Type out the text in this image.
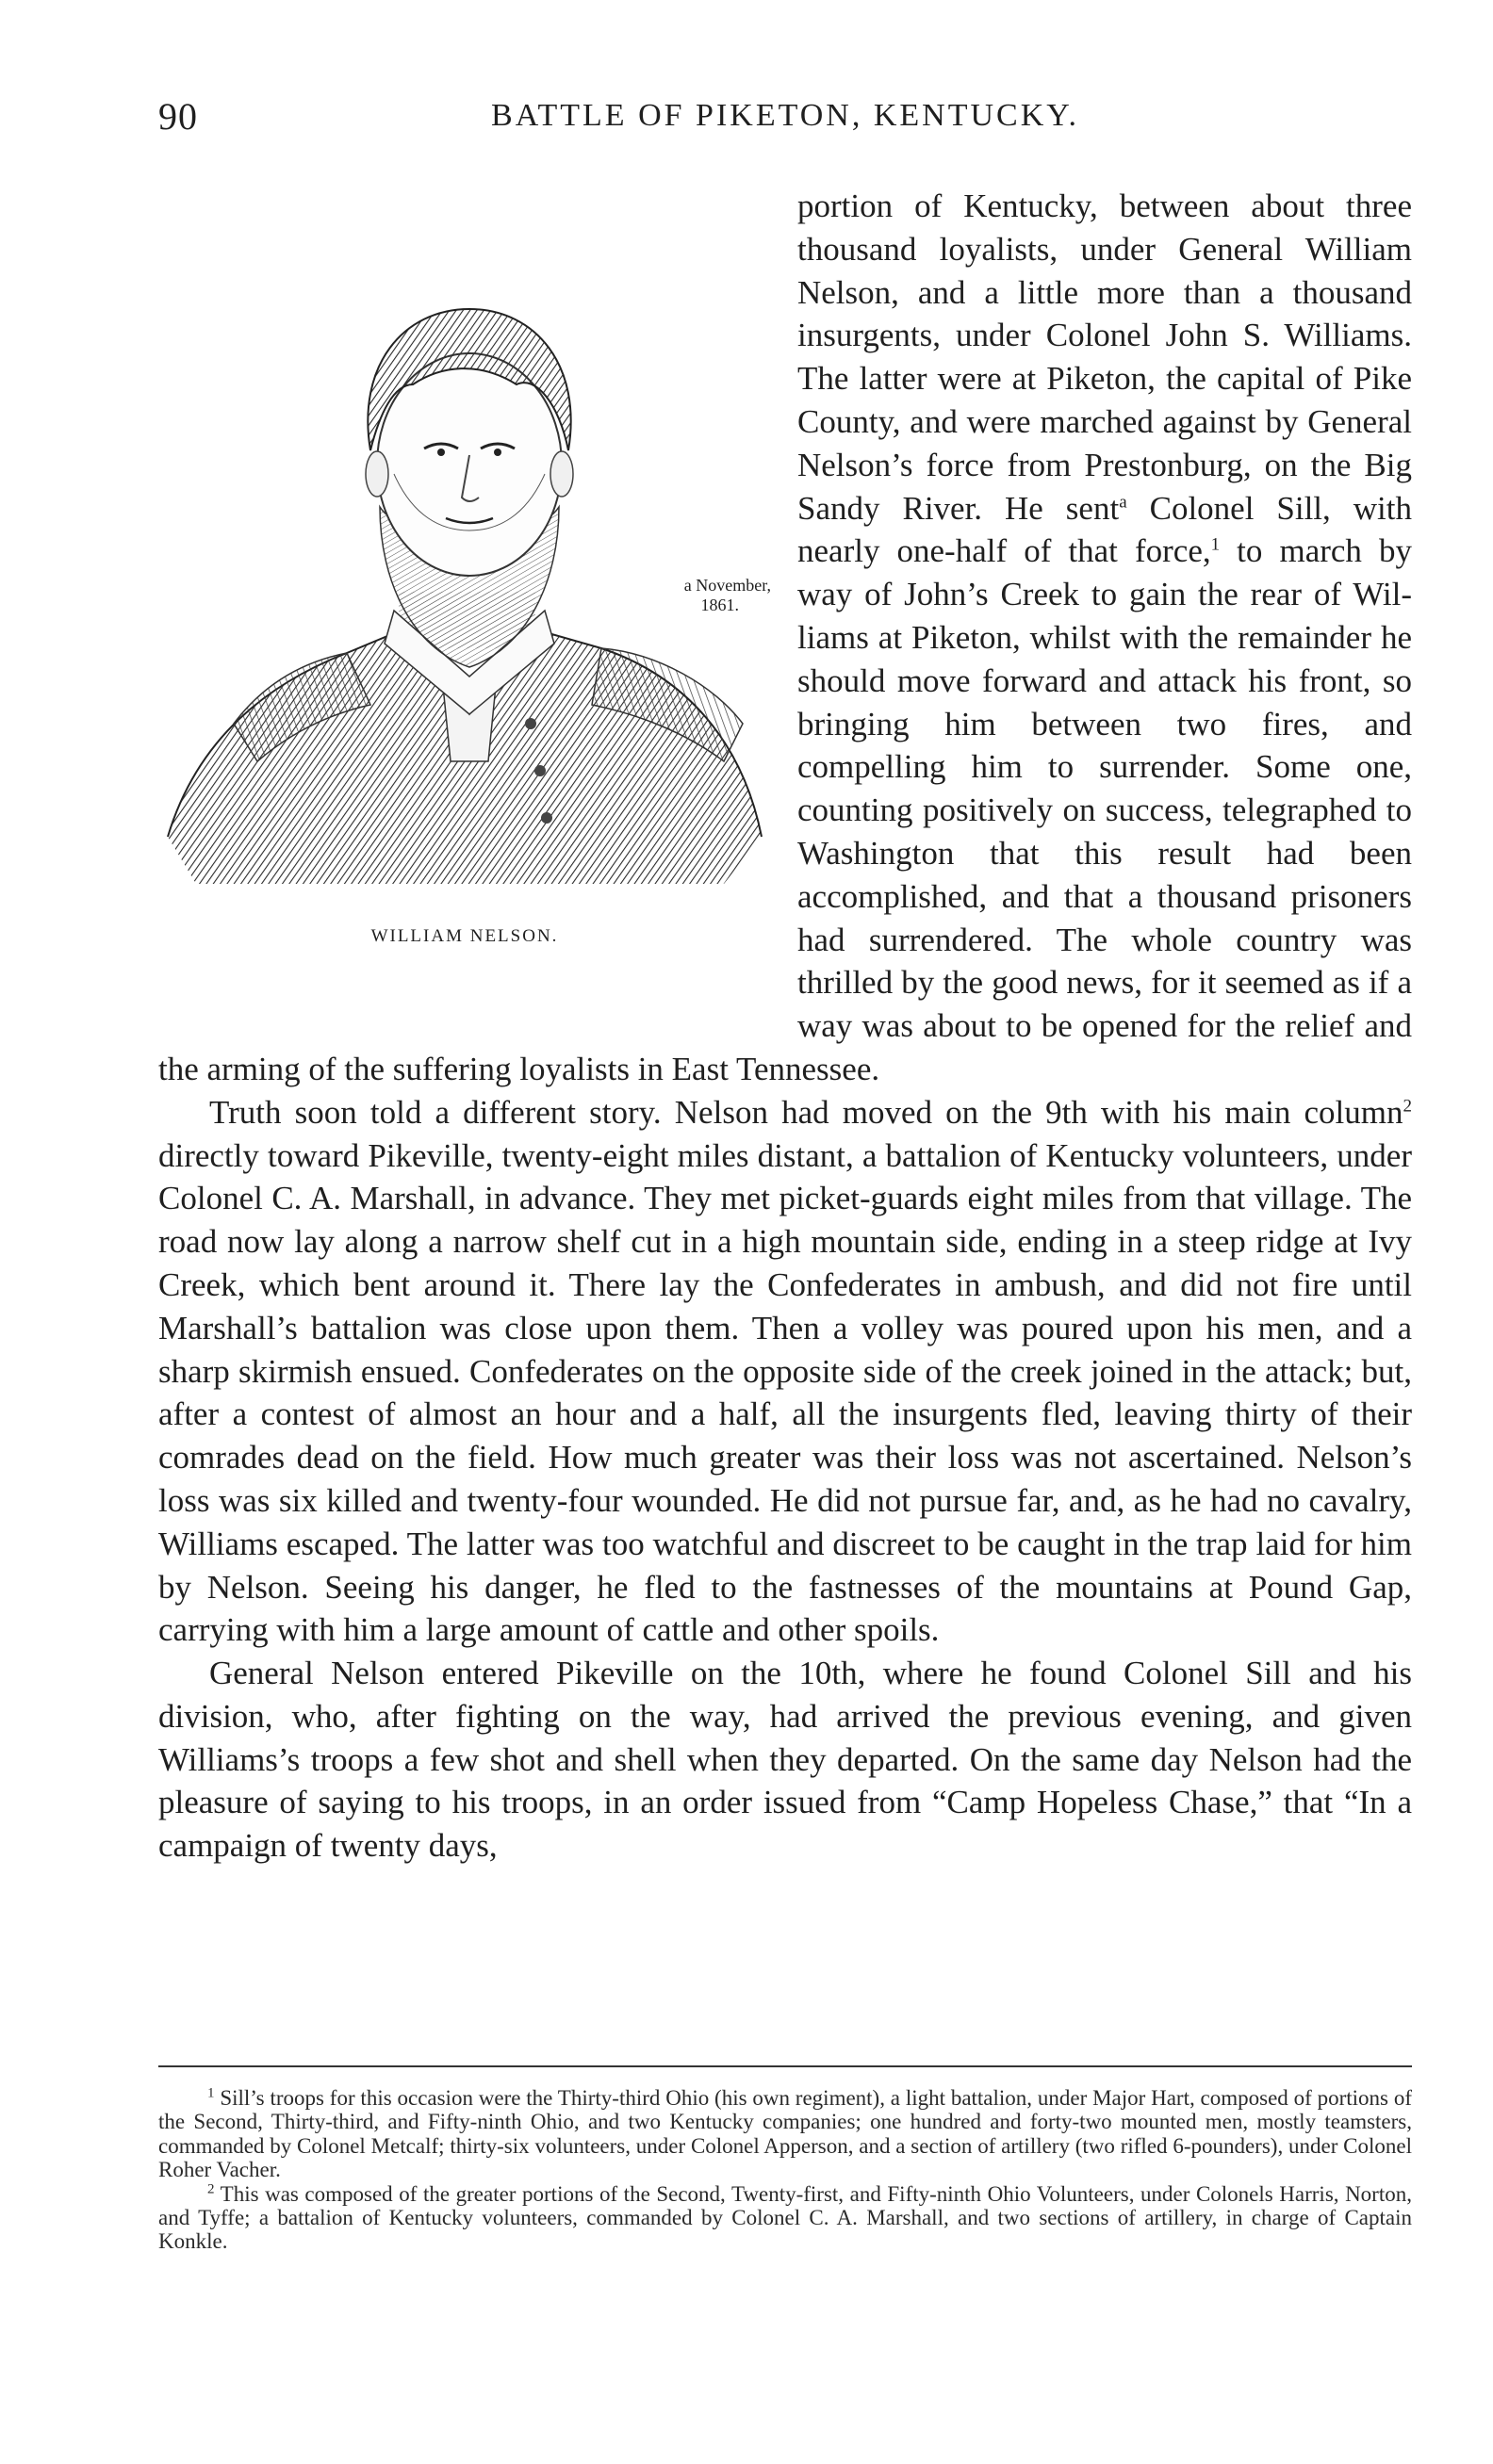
90	BATTLE OF PIKETON, KENTUCKY.

a November,
1861.
WILLIAM NELSON.
portion of Kentucky, between about three thousand loyalists, under General William Nelson, and a little more than a thousand insurgents, under Colonel John S. Williams. The latter were at Piketon, the capital of Pike County, and were marched against by General Nelson’s force from Prestonburg, on the Big Sandy River. He sent$^a$ Colonel Sill, with nearly one-half of that force,$^1$ to march by way of John’s Creek to gain the rear of Williams at Piketon, whilst with the remainder he should move forward and attack his front, so bringing him between two fires, and compelling him to surrender. Some one, counting positively on success, telegraphed to Washington that this result had been accomplished, and that a thousand prisoners had surrendered. The whole country was thrilled by the good news, for it seemed as if a way was about to be opened for the relief and the arming of the suffering loyalists in East Tennessee.

Truth soon told a different story. Nelson had moved on the 9th with his main column$^2$ directly toward Pikeville, twenty-eight miles distant, a battalion of Kentucky volunteers, under Colonel C. A. Marshall, in advance. They met picket-guards eight miles from that village. The road now lay along a narrow shelf cut in a high mountain side, ending in a steep ridge at Ivy Creek, which bent around it. There lay the Confederates in ambush, and did not fire until Marshall’s battalion was close upon them. Then a volley was poured upon his men, and a sharp skirmish ensued. Confederates on the opposite side of the creek joined in the attack; but, after a contest of almost an hour and a half, all the insurgents fled, leaving thirty of their comrades dead on the field. How much greater was their loss was not ascertained. Nelson’s loss was six killed and twenty-four wounded. He did not pursue far, and, as he had no cavalry, Williams escaped. The latter was too watchful and discreet to be caught in the trap laid for him by Nelson. Seeing his danger, he fled to the fastnesses of the mountains at Pound Gap, carrying with him a large amount of cattle and other spoils.

General Nelson entered Pikeville on the 10th, where he found Colonel Sill and his division, who, after fighting on the way, had arrived the previous evening, and given Williams’s troops a few shot and shell when they departed. On the same day Nelson had the pleasure of saying to his troops, in an order issued from “Camp Hopeless Chase,” that “In a campaign of twenty days,

$^1$ Sill’s troops for this occasion were the Thirty-third Ohio (his own regiment), a light battalion, under Major Hart, composed of portions of the Second, Thirty-third, and Fifty-ninth Ohio, and two Kentucky companies; one hundred and forty-two mounted men, mostly teamsters, commanded by Colonel Metcalf; thirty-six volunteers, under Colonel Apperson, and a section of artillery (two rifled 6-pounders), under Colonel Roher Vacher.

$^2$ This was composed of the greater portions of the Second, Twenty-first, and Fifty-ninth Ohio Volunteers, under Colonels Harris, Norton, and Tyffe; a battalion of Kentucky volunteers, commanded by Colonel C. A. Marshall, and two sections of artillery, in charge of Captain Konkle.
